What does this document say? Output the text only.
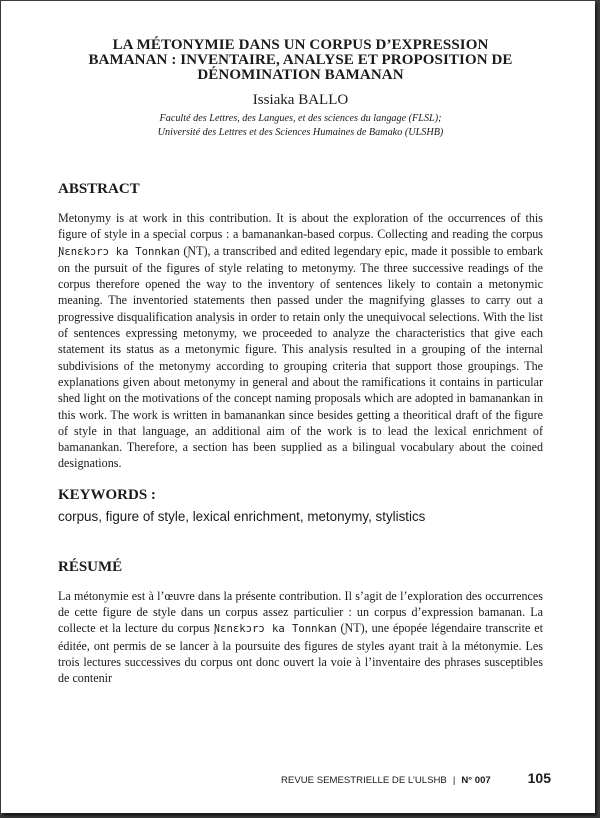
LA MÉTONYMIE DANS UN CORPUS D’EXPRESSION
BAMANAN : INVENTAIRE, ANALYSE ET PROPOSITION DE
DÉNOMINATION BAMANAN
Issiaka BALLO
Faculté des Lettres, des Langues, et des sciences du langage (FLSL);
Université des Lettres et des Sciences Humaines de Bamako (ULSHB)
ABSTRACT

Metonymy is at work in this contribution. It is about the exploration of the occurrences of this figure of style in a special corpus : a bamanankan-based corpus. Collecting and reading the corpus Ɲɛnɛkɔrɔ ka Tonnkan (ƝT), a transcribed and edited legendary epic, made it possible to embark on the pursuit of the figures of style relating to metonymy. The three successive readings of the corpus therefore opened the way to the inventory of sentences likely to contain a metonymic meaning. The inventoried statements then passed under the magnifying glasses to carry out a progressive disqualification analysis in order to retain only the unequivocal selections. With the list of sentences expressing metonymy, we proceeded to analyze the characteristics that give each statement its status as a metonymic figure. This analysis resulted in a grouping of the internal subdivisions of the metonymy according to grouping criteria that support those groupings. The explanations given about metonymy in general and about the ramifications it contains in particular shed light on the motivations of the concept naming proposals which are adopted in bamanankan in this work. The work is written in bamanankan since besides getting a theoritical draft of the figure of style in that language, an additional aim of the work is to lead the lexical enrichment of bamanankan. Therefore, a section has been supplied as a bilingual vocabulary about the coined designations.

KEYWORDS :
corpus, figure of style, lexical enrichment, metonymy, stylistics
RÉSUMÉ

La métonymie est à l’œuvre dans la présente contribution. Il s’agit de l’exploration des occurrences de cette figure de style dans un corpus assez particulier : un corpus d’expression bamanan. La collecte et la lecture du corpus Ɲɛnɛkɔrɔ ka Tonnkan (ƝT), une épopée légendaire transcrite et éditée, ont permis de se lancer à la poursuite des figures de styles ayant trait à la métonymie. Les trois lectures successives du corpus ont donc ouvert la voie à l’inventaire des phrases susceptibles de contenir

REVUE SEMESTRIELLE DE L’ULSHB | N° 007	105
